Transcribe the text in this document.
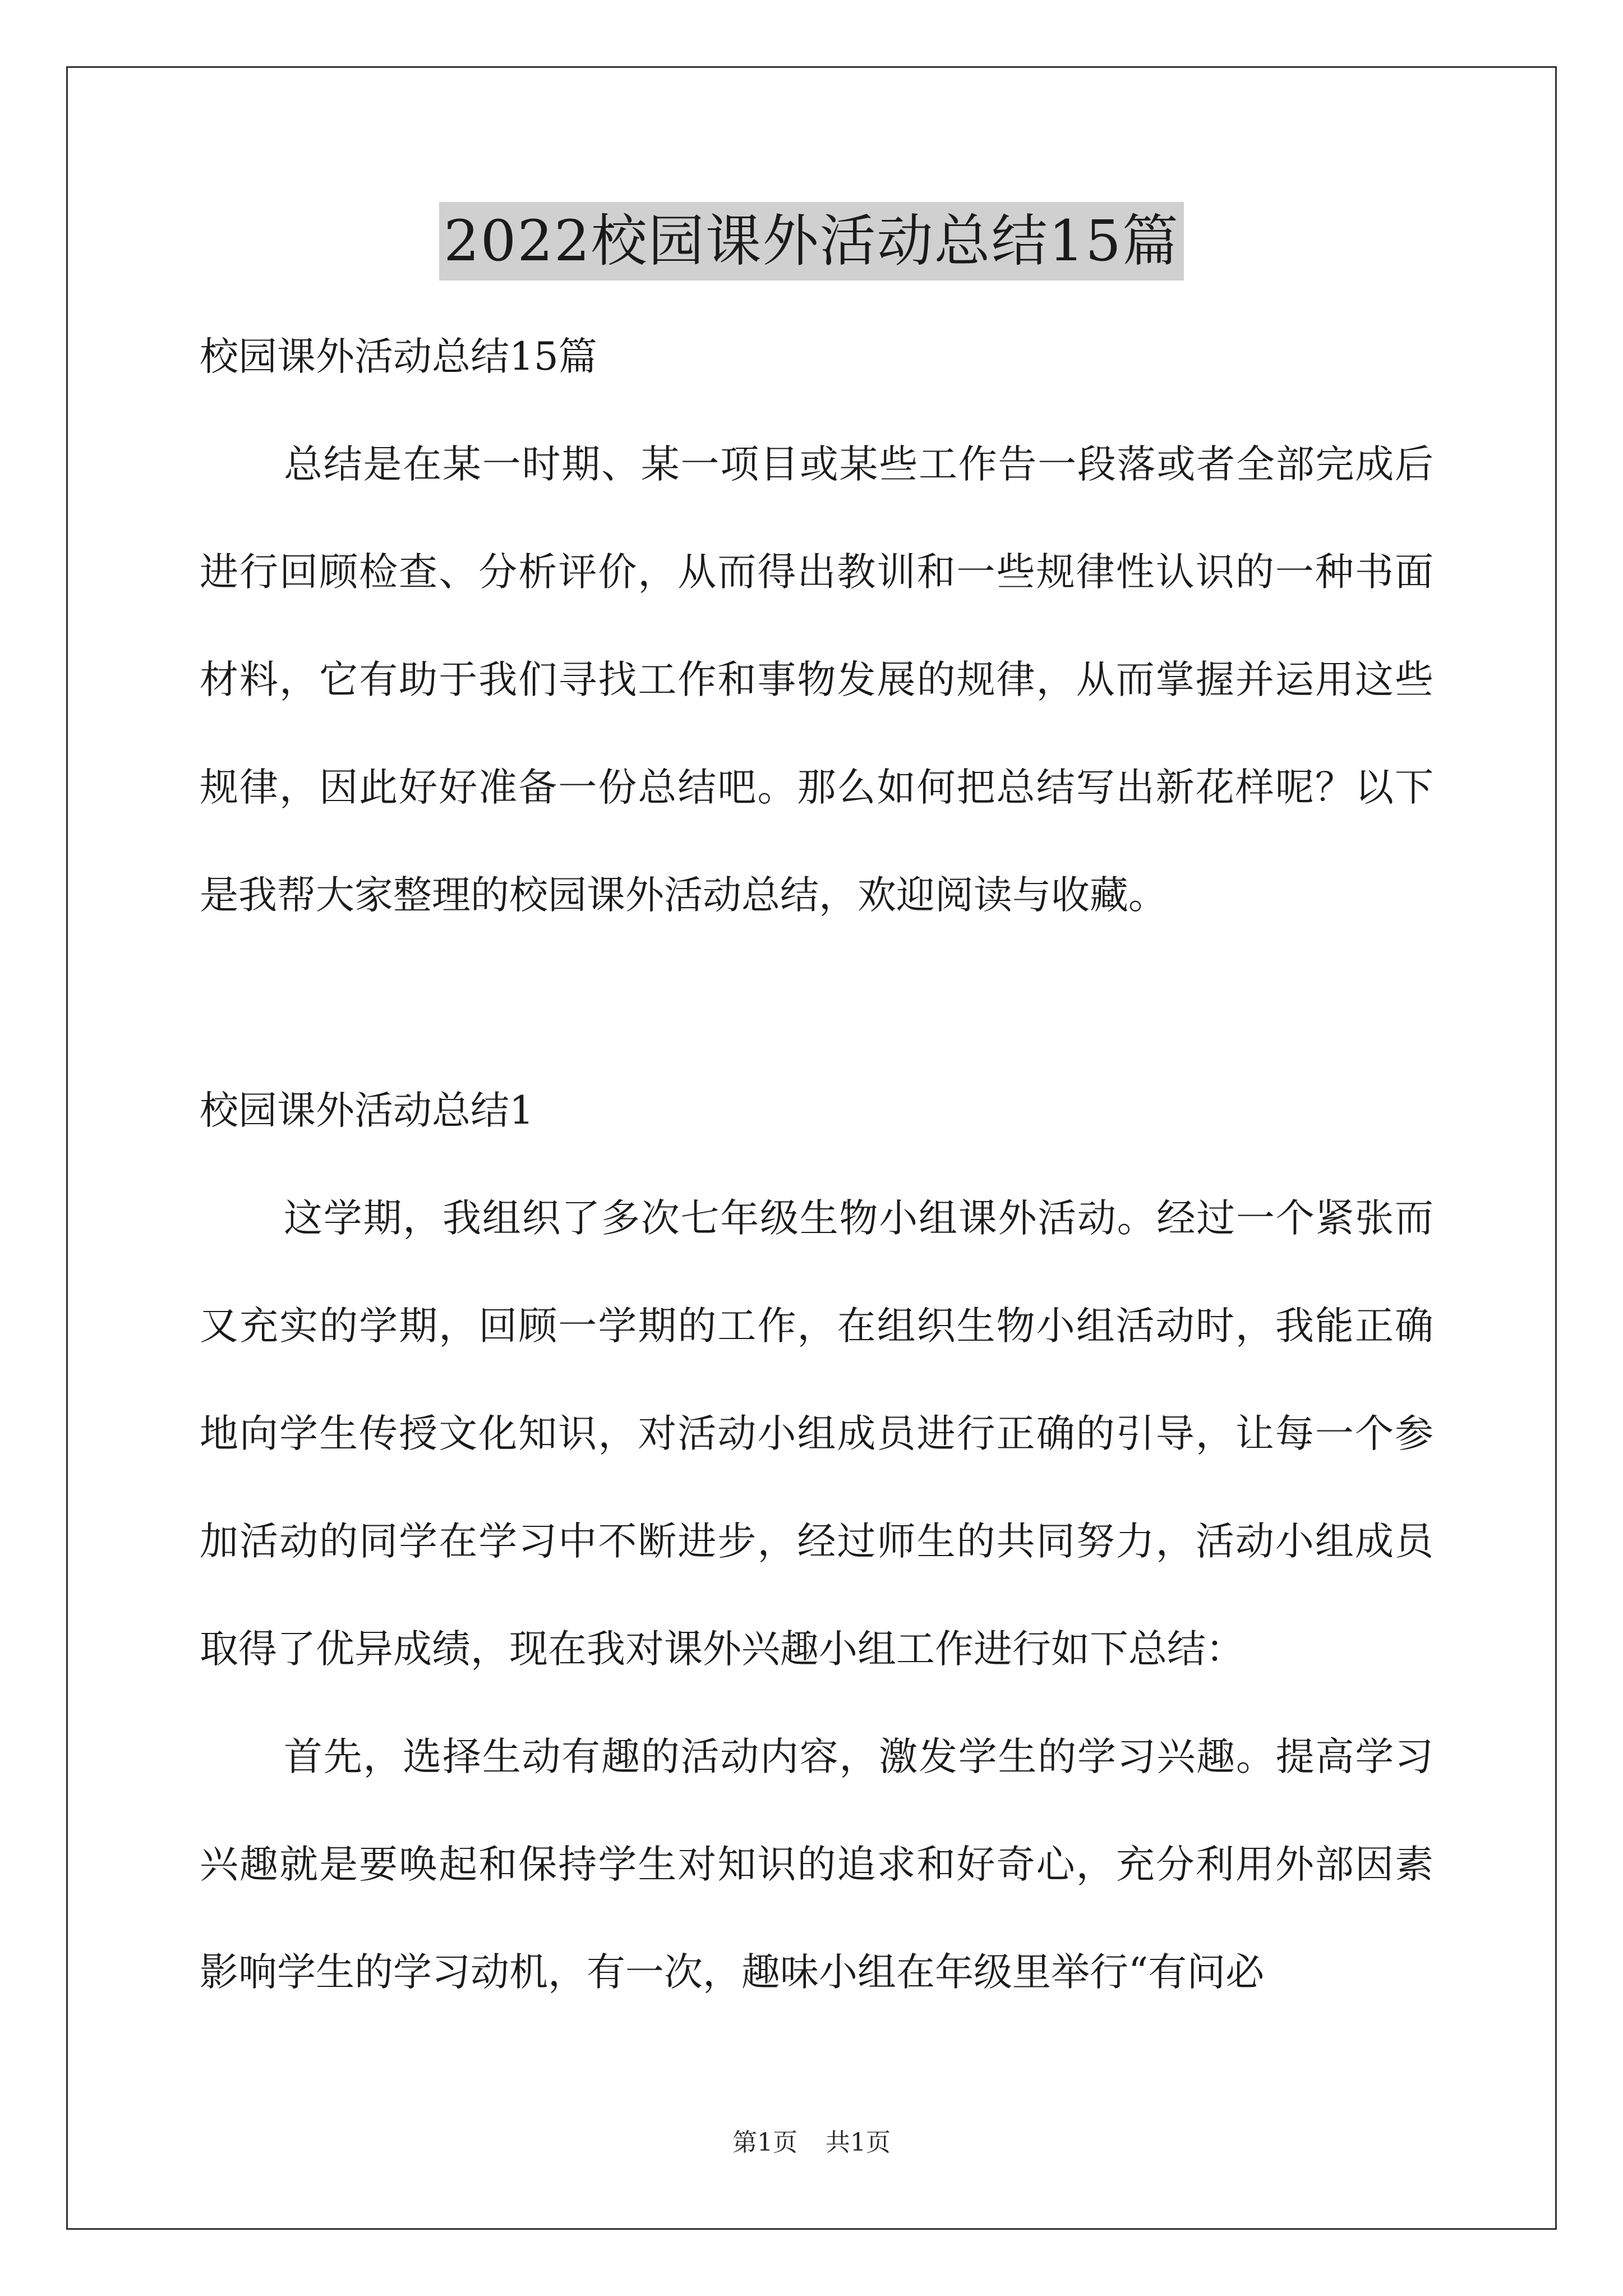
2022校园课外活动总结15篇

校园课外活动总结15篇

总结是在某一时期、某一项目或某些工作告一段落或者全部完成后进行回顾检查、分析评价，从而得出教训和一些规律性认识的一种书面材料，它有助于我们寻找工作和事物发展的规律，从而掌握并运用这些规律，因此好好准备一份总结吧。那么如何把总结写出新花样呢？以下是我帮大家整理的校园课外活动总结，欢迎阅读与收藏。

校园课外活动总结1

这学期，我组织了多次七年级生物小组课外活动。经过一个紧张而又充实的学期，回顾一学期的工作，在组织生物小组活动时，我能正确地向学生传授文化知识，对活动小组成员进行正确的引导，让每一个参加活动的同学在学习中不断进步，经过师生的共同努力，活动小组成员取得了优异成绩，现在我对课外兴趣小组工作进行如下总结：

首先，选择生动有趣的活动内容，激发学生的学习兴趣。提高学习兴趣就是要唤起和保持学生对知识的追求和好奇心，充分利用外部因素影响学生的学习动机，有一次，趣味小组在年级里举行“有问必

第1页 共1页
